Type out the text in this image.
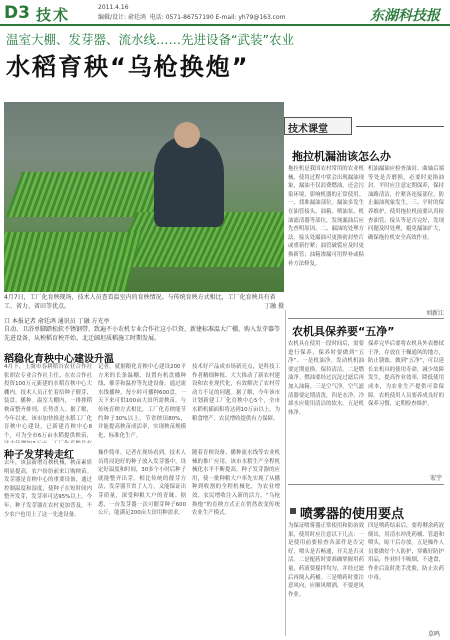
D3 技术	2011.4.16
编辑/设计: 俞廷鸿 电话: 0571-86757190 E-mail: yh79@163.com	东湖科技报
温室大棚、发芽器、流水线……先进设备“武装”农业
水稻育秧“乌枪换炮”
4月7日，工厂化育秧现场，技术人员查看温室内的育秧情况。与传统育秧方式相比，工厂化育秧具有省工、省力、省田等优点。	丁融 摄
口 本报记者 俞廷鸿 通讯员 丁融 方光亭
自动、卫浴单脚踏松软不锈钢带、致遍不小农机专业合作社这小巨资、新建标准温大广棚、购入发芽器等先进设备、从秧稻育秧开始、北迁阔坦质稻施工时期发展。
稻稳化育秧中心建设升温
4月下，上虞市春耕稻谷农业合作社张胡农专业合作社主任、在农合作社投资100万元新建的水稻育秧中心大棚内，技术人员正忙着给种子催芽、装盘、播种。温室大棚内，一排排稻秧苗整齐排列，长势喜人。据了解，今年以来，该市加快推进水稻工厂化育秧中心建设，已新建育秧中心8个，可为全市6万亩水稻提供秧苗，
记者，就据粮化育秧中心建设200平方米的长条温棚、设置有机盘播种线、催芽和温控等先进设备。通过流水线播种，每小时可播种600盘，一天下来可供100亩大田所需秧苗。与传统育秧方式相比，工厂化育秧能节约种子30%以上、节省秧田80%，并能提高秧苗成活率，实现秧苗规模化、标准化生产。
技术好产品成市场新亮点，是科技工作者精细种植、大大推动了新农村建设和农业现代化，有效解决了农村劳动力不足的问题。据了解，今年该市计划新建工厂化育秧中心5个，全市水稻机插面积将达到10万亩以上，为粮食增产、农民增收提供有力保障。
种子发芽转走红
去年，该县新增育秧机械，秧苗素质明显提高，农户纷纷前来订购秧苗。发芽器是育秧中心的重要设备，通过控制温度和湿度，使种子在短时间内整齐发芽，发芽率可达95%以上。今年，种子发芽器在农村更加普及，不少农户也用上了这一先进设备。
操作简单。记者在现场看到，技术人员将浸泡好的种子放入发芽器中，设定好温度和时间，30多个小时后种子就能整齐出芽。相比传统的催芽方法，发芽器节省了人力，又能保证出芽质量，深受种粮大户的青睐。据悉，一台发芽器一次可催芽种子600公斤，能满足200亩大田用种需求。
随着育秧设备、播种流水线等农业机械的推广应用，该市水稻生产全程机械化水平不断提高。种子发芽器的应用，使一批种粮大户率先实现了从播种到收割的全程机械化，为农业增效、农民增收注入新的活力，“乌枪换炮”的育秧方式正在悄然改变传统农业生产模式。
技术课堂
拖拉机漏油该怎么办
拖拉机是我国农村常用的农业机械，使用过程中常会出现漏油现象，漏油不仅浪费燃油，还会污染环境，影响机器的正常使用。一、找准漏油部位。漏油多发生在油管接头、油箱、喷油泵、机油滤清器等部位，发现漏油后应先查明原因。二、漏油的处理方法。接头处漏油可更换密封垫片或重新拧紧；油管破裂应及时更换新管；油箱渗漏可用焊补或粘补方法修复。
机油漏油应检查油封、曲轴后端等处是否磨损，必要时更换油封。平时应注意定期保养，保持油路清洁，拧紧各连接部位，防止漏油现象发生。三、平时的保养维护。使用拖拉机前要认真检查油管、接头等是否完好，发现问题及时处理，避免漏油扩大，确保拖拉机安全高效作业。
刘新江
农机具保养要“五净”
农机具在使用一段时间后，需要进行保养，保养时要做到“五净”。一是机油净。发动机机油要定期更换，保持清洁。二是燃油净。燃油要经过沉淀过滤后再加入油箱。三是空气净。空气滤清器要定期清洗。四是水净。冷却水应使用清洁的软水。五是机体净。
保养完毕后要将农机具外表擦拭干净，存放在干燥通风的地方，防止锈蚀。做到“五净”，可以延长农机具的使用寿命，减少故障发生，提高作业效率，降低使用成本，为农业生产提供可靠保障。农机使用人员要养成良好的保养习惯，定期检查维护。
宏宇
喷雾器的使用要点
为保证喷雾器正常使用和防治效果，使用时应注意以下几点：一是使用前要检查各部件是否完好，喷头是否畅通，开关是否灵活。二是配药时要准确掌握用药量，药液要搅拌均匀，并经过滤后再倒入药桶。三是喷药时要注意风向，应顺风喷洒，不要逆风作业。
四是喷药结束后，要将剩余药液倒出，用清水冲洗药桶、管道和喷头，晾干后存放。五是操作人员要做好个人防护，穿戴好防护用品，作业时不吸烟、不进食，作业后及时洗手洗脸，防止农药中毒。
草鸣
